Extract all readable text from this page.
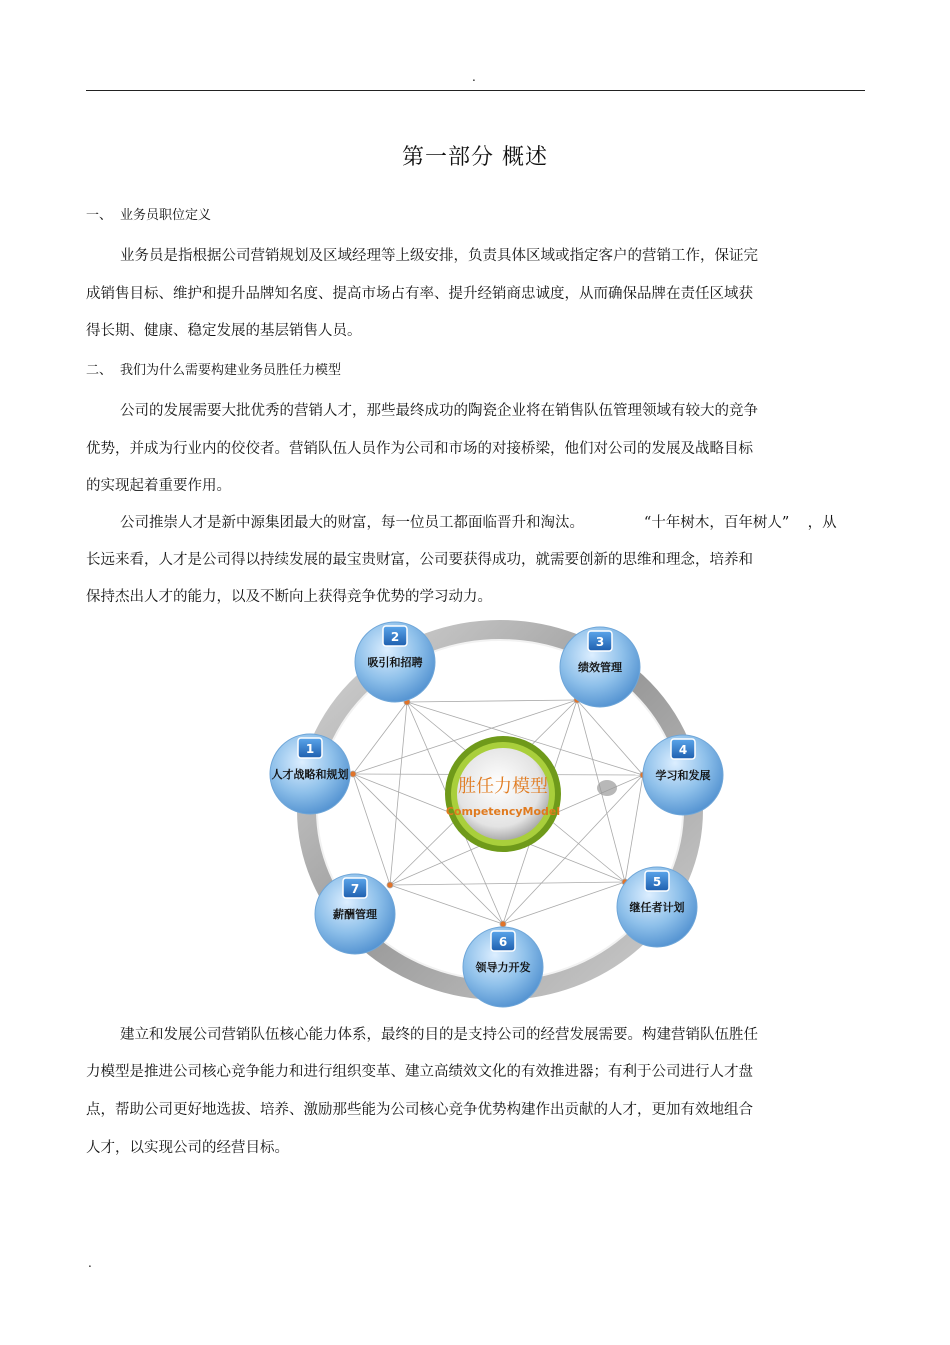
.
第一部分 概述
一、 业务员职位定义
业务员是指根据公司营销规划及区域经理等上级安排，负责具体区域或指定客户的营销工作，保证完
成销售目标、维护和提升品牌知名度、提高市场占有率、提升经销商忠诚度，从而确保品牌在责任区域获
得长期、健康、稳定发展的基层销售人员。
二、 我们为什么需要构建业务员胜任力模型
公司的发展需要大批优秀的营销人才，那些最终成功的陶瓷企业将在销售队伍管理领域有较大的竞争
优势，并成为行业内的佼佼者。营销队伍人员作为公司和市场的对接桥梁，他们对公司的发展及战略目标
的实现起着重要作用。
公司推崇人才是新中源集团最大的财富，每一位员工都面临晋升和淘汰。             “十年树木，百年树人”    ，从
长远来看，人才是公司得以持续发展的最宝贵财富，公司要获得成功，就需要创新的思维和理念，培养和
保持杰出人才的能力，以及不断向上获得竞争优势的学习动力。
胜任力模型
CompetencyModel
1
人才战略和规划
2
吸引和招聘
3
绩效管理
4
学习和发展
5
继任者计划
6
领导力开发
7
薪酬管理
建立和发展公司营销队伍核心能力体系，最终的目的是支持公司的经营发展需要。构建营销队伍胜任
力模型是推进公司核心竞争能力和进行组织变革、建立高绩效文化的有效推进器；有利于公司进行人才盘
点，帮助公司更好地选拔、培养、激励那些能为公司核心竞争优势构建作出贡献的人才，更加有效地组合
人才，以实现公司的经营目标。
.
